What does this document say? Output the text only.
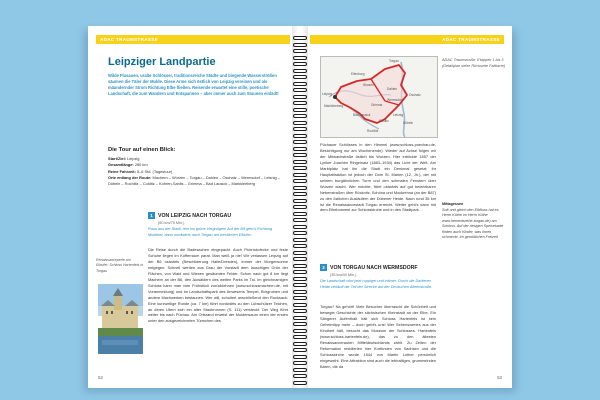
ADAC TRAUMSTRASSE
Leipziger Landpartie
Wilde Flusauen, uralte Schlösser, traditionsreiche Städte und biegende Wasserströßen säumen die Täler der Mulde. Diese Arme sich östlich von Leipzig vereinen und als mäandernder Strom Richtung Elbe fließen. Reisende erwartet eine stille, poetische Landschaft, die zum Wandern und Entspannen – aber immer auch zum Staunen einlädt!
Die Tour auf einen Blick:
Start/Ziel: Leipzig
Gesamtlänge: 280 km
Reine Fahrzeit: 5–6 Std. (Tagestour)
Orte entlang der Route: Machern – Wurzen – Torgau – Dahlen – Oschatz – Wermsdorf – Leisnig – Döbeln – Rochlitz – Colditz – Kohren-Sahlis – Grimma – Bad Lausick – Markkleeberg
1 VON LEIPZIG NACH TORGAU
(60 km/75 Min.)
Raus aus der Stadt, rein ins grüne Vergnügen! Auf der B6 geht's Richtung Muldetal, dann nordwärts nach Torgau am westlichen Elbufer.
Die Reise durch die Badesachen eingepackt. Auch Picknickdecke und feste Schuhe liegen im Kofferraum parat. Man weiß ja nie! Wir verlassen Leipzig auf der B6 ostwärts (Beschilderung Halle/Dresden), immer der Morgensonne entgegen. Schnell werden aus Grau der Vorstadt dem lauschigen Grün der Flächen, von Wald und Wiesen gesäumten Felder. Schon nach gut 8 km liegt Machern an der B6, den Auwäldern des weiten Parks im Tal. Im gleichnamigen Schloss kann man vom Frühstück zurücklehnen (www.schlossmachern.de, mit Voranmeldung) und im Landschaftspark des Anwesens Tempel, Burgruinen und andere Machwerken bestaunen. Wer will, schultert anschließend den Rucksack: Eine kurzweilige Runde (ca. 7 km) führt nordwärts zu den Lübschützer Teichen, an deren Ufern sich ein alter Staubrunnen (S. 111) versteckt. Der Weg führt weiter bis nach Püchau. Am Ortsrand erweist der Muldensaum einen der ersten unter den ausgezeichneten Türmchen des
Renaissanceperle am Elbufer: Schloss Hartenfels in Torgau
52
ADAC TRAUMSTRASSE
Torgau
Eilenburg
Wurzen
Leipzig
Dahlen
Oschatz
Wermsdorf
Grimma
Markkleeberg
Bad Lausick	Leisnig
Döbeln
Colditz
Rochlitz
ADAC Traumstraße: Etappen 1 bis 3 (Detailplan siehe Rückseite Faltkarte)
Püchauer Schlösses in den Himmel (www.schloss-puechau.de, Besichtigung nur am Wochenende). Wieder auf Achse folgen wir der Mitwachstraße östlich bis Wurzen. Hier erblickte 1857 der Lyriker Joachim Ringelnatz (1883–1934) das Licht der Welt. Am Marktplatz hat ihn die Stadt ein Denkmal gesetzt; ihr Hauptattraktion ist jedoch der Dom St. Marien (12. Jh.), der mit seinem burgähnlichen Turm und den schmalen Fenstern über Wurzen wacht. Wer möchte, fährt ostwärts auf gut befahrbaren Nebenstraßen über Röcknitz, Schöna und Mockrehna (an der B87) zu den östlichen Ausläufern der Dübener Heide. Nach rund 35 km ist die Renaissancestadt Torgau erreicht. Weiter geht's dann mit dem Elbebummel zur Schlosskirche und in den Stadtpark.
2 VON TORGAU NACH WERMSDORF
(35 km/40 Min.)
Die Landschaft wird jetzt ruppiger und intimer. Durch die Dahlener Heide verläuft die Teil der Strecke auf der Deutschen Alleenstraße.
Torgau? Na gehört! Viele Besucher überrascht die Schönheit und bewegte Geschichte der sächsischen Kleinstadt an der Elbe. Ein Sängerer Aufenthalt hält sich Schloss Hartenfels ist kein Geheimtipp mehr – doch gebt's uns! Wer Sehenswertes aus der Kindheit hält, besucht das Museum der Schlosses. Hartenfels (www.schloss-hartenfels.de), das zu den ältesten Renaissancerauten Mitteldeutschlands zählt. Zu Zeiten der Reformation residierten hier Kurfürsten von Sachsen und die Schlosskirche wurde 1544 von Martin Luther persönlich eingeweiht. Eine Attraktion sind auch die lebhaftigen, grummelnden Bären, die da
Mittagessen
Soft und gleich den Elbfluss hat es Herrn Küthe im Herrn Küthe www.herrenkuethe-torgau.de) am Schloss. Auf der riesigen Speisekarte finden auch Kinder, was ihnen schmeckt. Im gemütlichen Freizeit
53
